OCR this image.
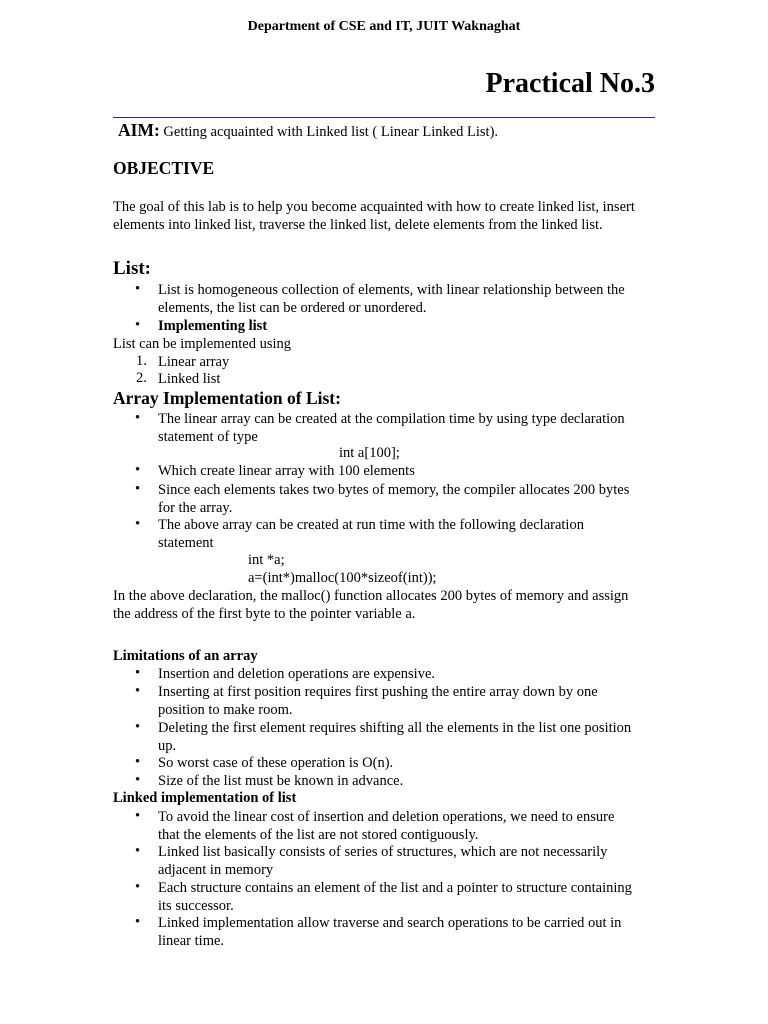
Department of CSE and IT, JUIT Waknaghat
Practical No.3
AIM: Getting acquainted with Linked list ( Linear Linked List).
OBJECTIVE
The goal of this lab is to help you become acquainted with how to create linked list, insert
elements into linked list, traverse the linked list, delete elements from the linked list.
List:
• List is homogeneous collection of elements, with linear relationship between the
elements, the list can be ordered or unordered.
• Implementing list
List can be implemented using
1. Linear array
2. Linked list
Array Implementation of List:
• The linear array can be created at the compilation time by using type declaration
statement of type
int a[100];
• Which create linear array with 100 elements
• Since each elements takes two bytes of memory, the compiler allocates 200 bytes
for the array.
• The above array can be created at run time with the following declaration
statement
int *a;
a=(int*)malloc(100*sizeof(int));
In the above declaration, the malloc() function allocates 200 bytes of memory and assign
the address of the first byte to the pointer variable a.
Limitations of an array
• Insertion and deletion operations are expensive.
• Inserting at first position requires first pushing the entire array down by one
position to make room.
• Deleting the first element requires shifting all the elements in the list one position
up.
• So worst case of these operation is O(n).
• Size of the list must be known in advance.
Linked implementation of list
• To avoid the linear cost of insertion and deletion operations, we need to ensure
that the elements of the list are not stored contiguously.
• Linked list basically consists of series of structures, which are not necessarily
adjacent in memory
• Each structure contains an element of the list and a pointer to structure containing
its successor.
• Linked implementation allow traverse and search operations to be carried out in
linear time.
